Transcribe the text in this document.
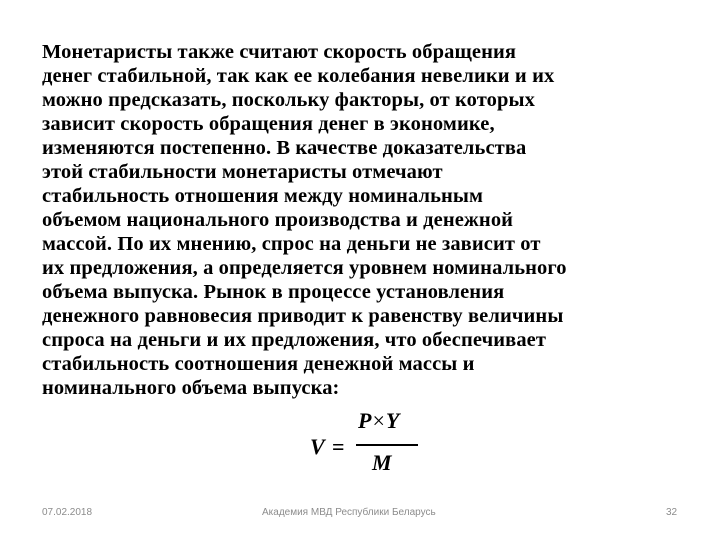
Монетаристы также считают скорость обращения
денег стабильной, так как ее колебания невелики и их
можно предсказать, поскольку факторы, от которых
зависит скорость обращения денег в экономике,
изменяются постепенно. В качестве доказательства
этой стабильности монетаристы отмечают
стабильность отношения между номинальным
объемом национального производства и денежной
массой. По их мнению, спрос на деньги не зависит от
их предложения, а определяется уровнем номинального
объема выпуска. Рынок в процессе установления
денежного равновесия приводит к равенству величины
спроса на деньги и их предложения, что обеспечивает
стабильность соотношения денежной массы и
номинального объема выпуска:
V =
P×Y
M
07.02.2018	Академия МВД Республики Беларусь	32
